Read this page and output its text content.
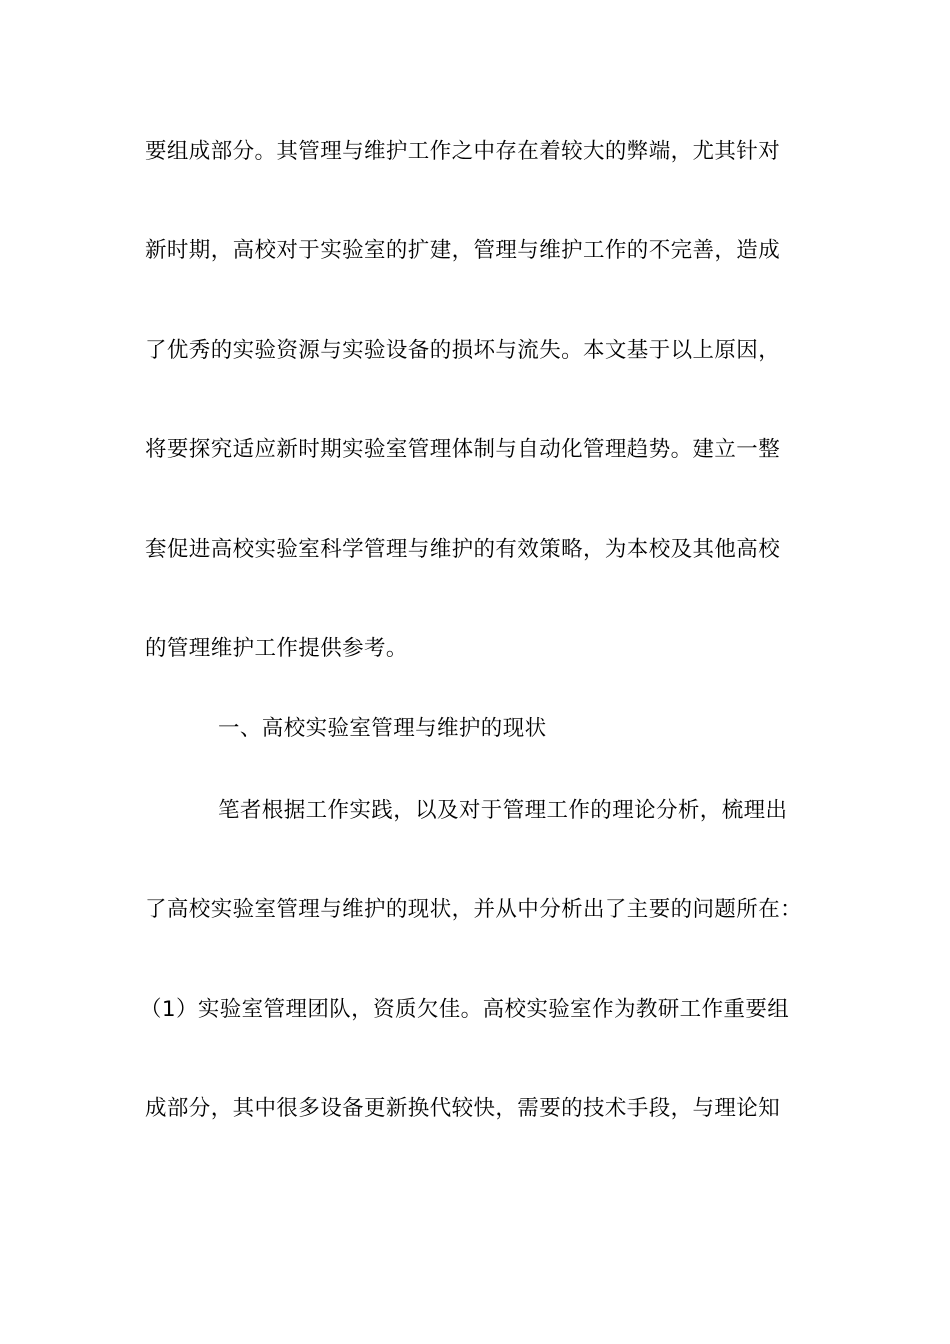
要组成部分。其管理与维护工作之中存在着较大的弊端，尤其针对
新时期，高校对于实验室的扩建，管理与维护工作的不完善，造成
了优秀的实验资源与实验设备的损坏与流失。本文基于以上原因，
将要探究适应新时期实验室管理体制与自动化管理趋势。建立一整
套促进高校实验室科学管理与维护的有效策略，为本校及其他高校
的管理维护工作提供参考。
一、高校实验室管理与维护的现状
笔者根据工作实践，以及对于管理工作的理论分析，梳理出
了高校实验室管理与维护的现状，并从中分析出了主要的问题所在：
（1）实验室管理团队，资质欠佳。高校实验室作为教研工作重要组
成部分，其中很多设备更新换代较快，需要的技术手段，与理论知
